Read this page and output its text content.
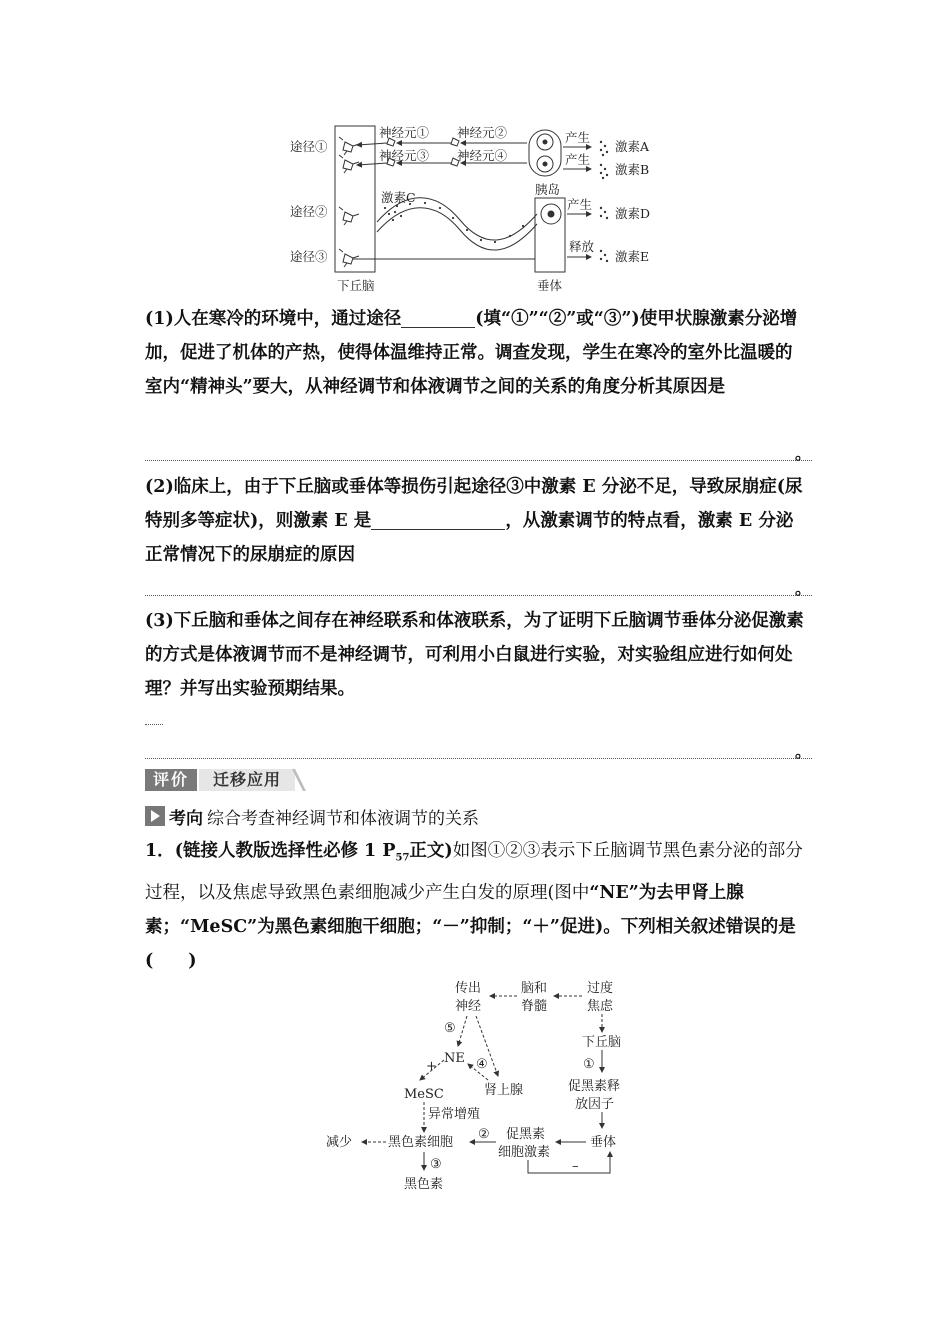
途径①
途径②
途径③
神经元① 神经元②
神经元③ 神经元④
产生
产生
激素A
激素B
激素C
胰岛
产生
激素D
释放
激素E
下丘脑	垂体

(1)人在寒冷的环境中，通过途径	(填“①”“②”或“③”)使甲状腺激素分泌增加，促进了机体的产热，使得体温维持正常。调查发现，学生在寒冷的室外比温暖的室内“精神头”要大，从神经调节和体液调节之间的关系的角度分析其原因是

。

(2)临床上，由于下丘脑或垂体等损伤引起途径③中激素 E 分泌不足，导致尿崩症(尿特别多等症状)，则激素 E 是	，从激素调节的特点看，激素 E 分泌正常情况下的尿崩症的原因

。

(3)下丘脑和垂体之间存在神经联系和体液联系，为了证明下丘脑调节垂体分泌促激素的方式是体液调节而不是神经调节，可利用小白鼠进行实验，对实验组应进行如何处理？并写出实验预期结果。

。
评价	迁移应用
考向 综合考查神经调节和体液调节的关系
1．(链接人教版选择性必修 1 $P_{57}$正文)如图①②③表示下丘脑调节黑色素分泌的部分过程，以及焦虑导致黑色素细胞减少产生白发的原理(图中“NE”为去甲肾上腺素；“MeSC”为黑色素细胞干细胞；“－”抑制；“＋”促进)。下列相关叙述错误的是(　　)
传出
神经
脑和
脊髓
过度
焦虑
下丘脑
①
促黑素释
放因子
垂体
促黑素
细胞激素
②
–
黑色素细胞
减少
③
黑色素
⑤
NE ④
肾上腺
+
MeSC
异常增殖
